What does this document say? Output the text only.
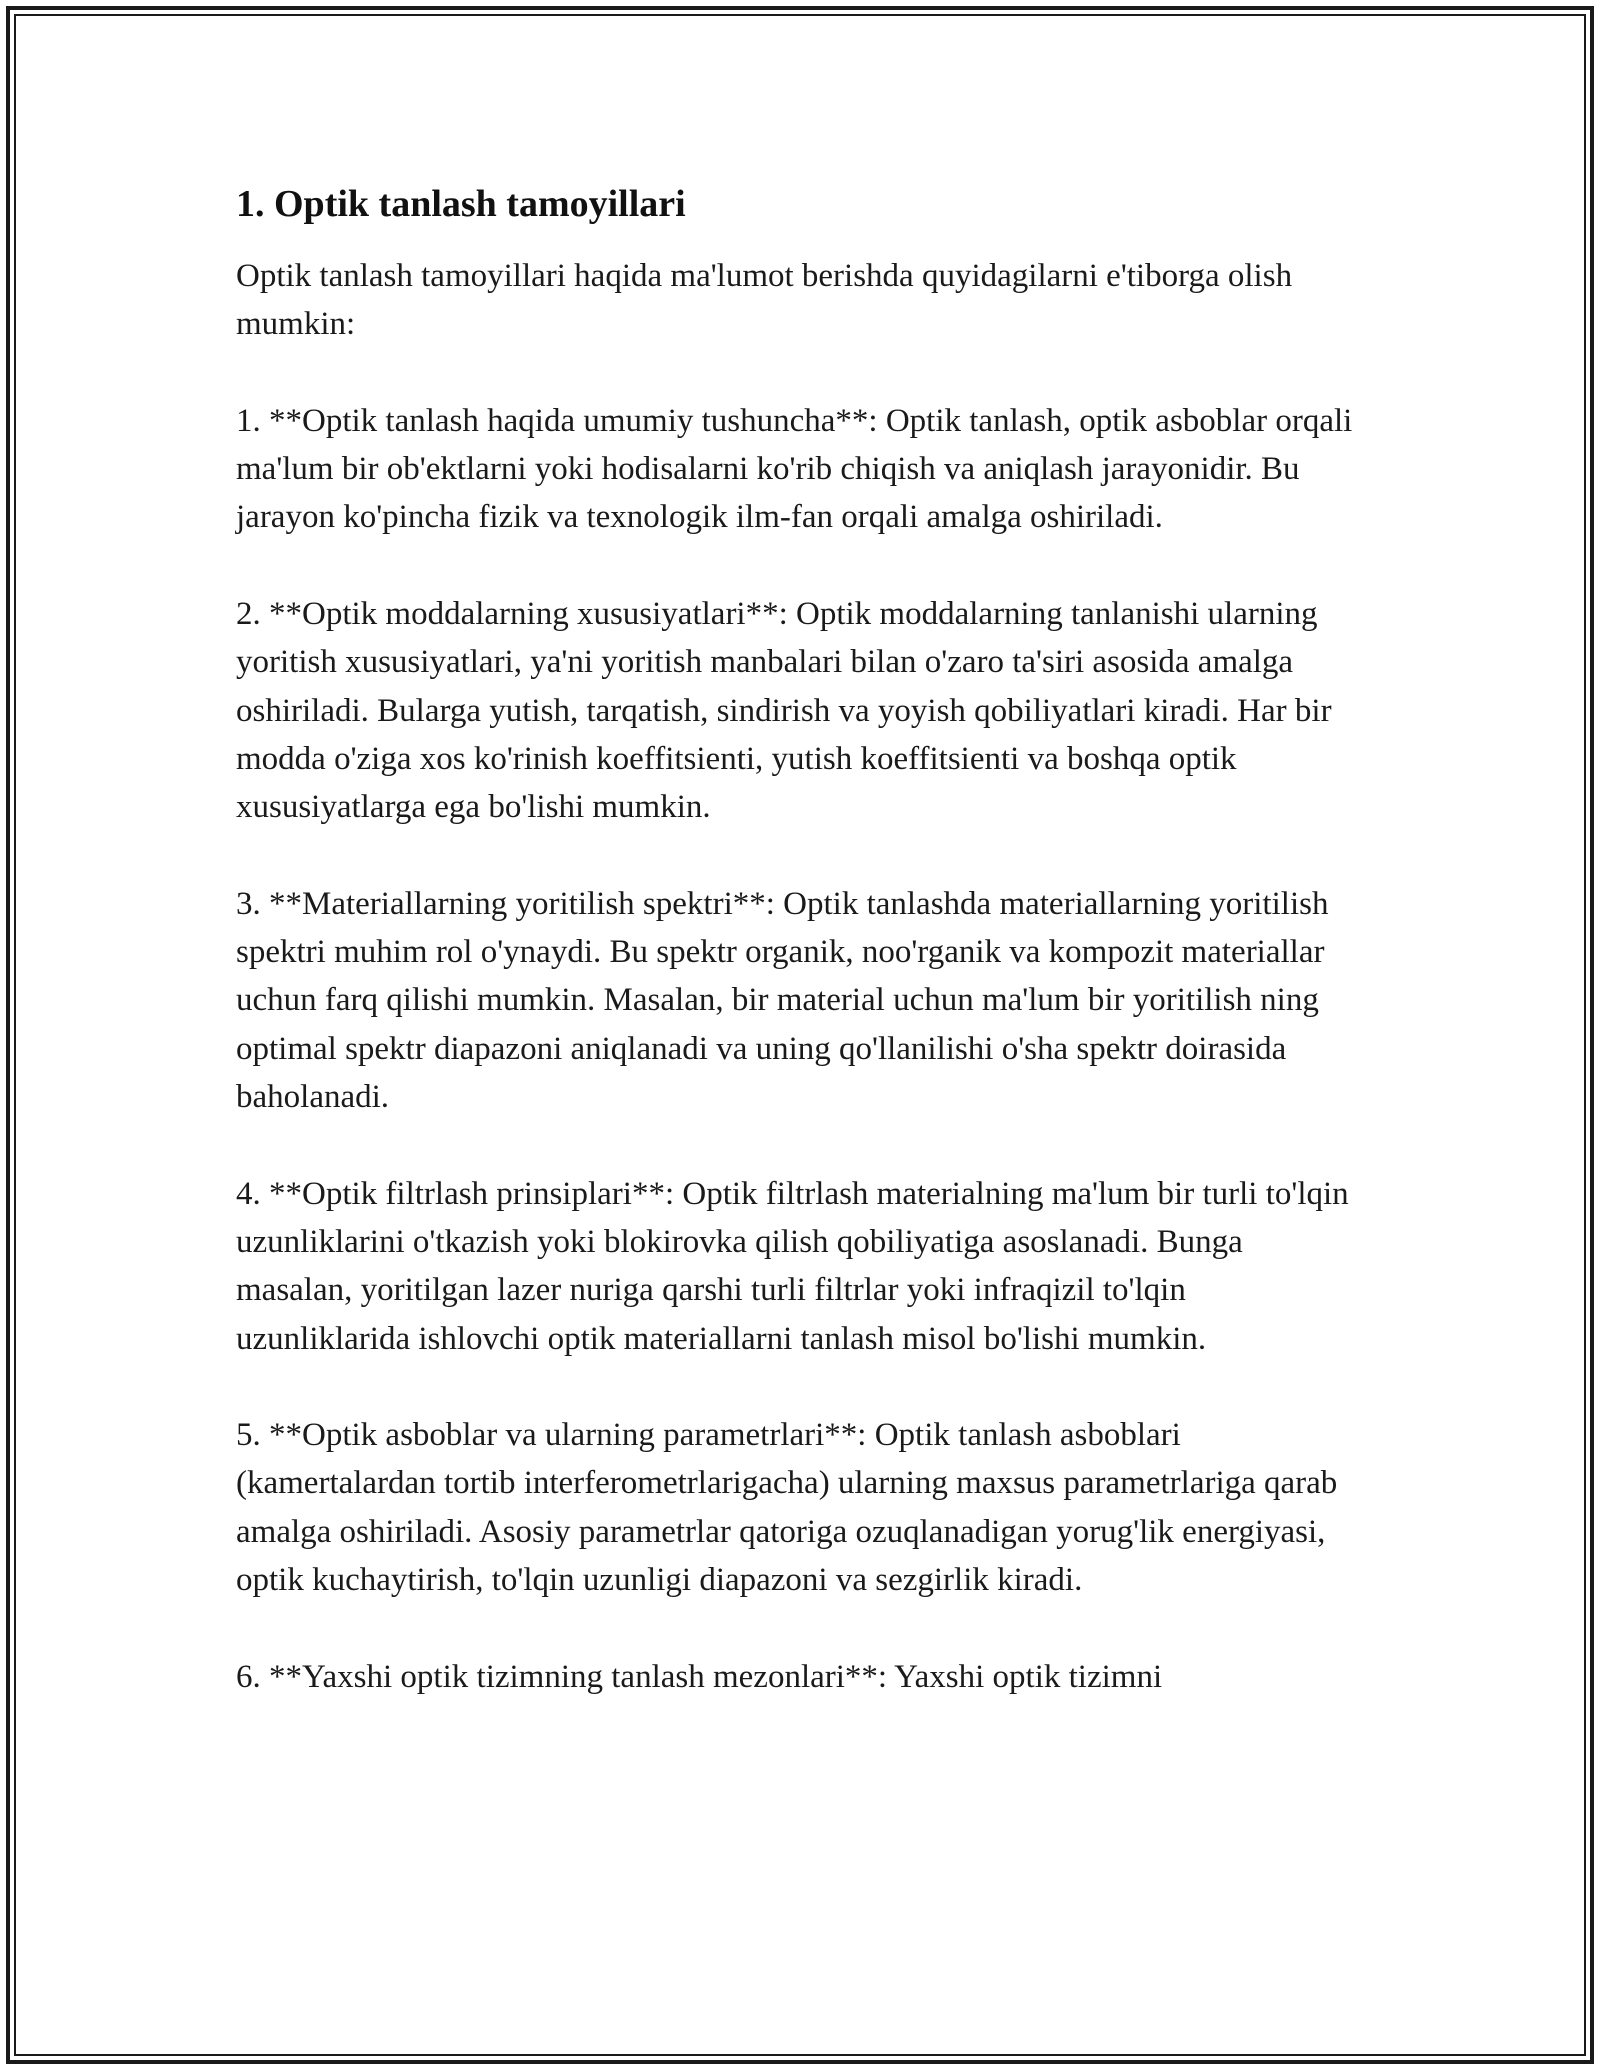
1. Optik tanlash tamoyillari

Optik tanlash tamoyillari haqida ma'lumot berishda quyidagilarni e'tiborga olish mumkin:

1. **Optik tanlash haqida umumiy tushuncha**: Optik tanlash, optik asboblar orqali ma'lum bir ob'ektlarni yoki hodisalarni ko'rib chiqish va aniqlash jarayonidir. Bu jarayon ko'pincha fizik va texnologik ilm-fan orqali amalga oshiriladi.

2. **Optik moddalarning xususiyatlari**: Optik moddalarning tanlanishi ularning yoritish xususiyatlari, ya'ni yoritish manbalari bilan o'zaro ta'siri asosida amalga oshiriladi. Bularga yutish, tarqatish, sindirish va yoyish qobiliyatlari kiradi. Har bir modda o'ziga xos ko'rinish koeffitsienti, yutish koeffitsienti va boshqa optik xususiyatlarga ega bo'lishi mumkin.

3. **Materiallarning yoritilish spektri**: Optik tanlashda materiallarning yoritilish spektri muhim rol o'ynaydi. Bu spektr organik, noo'rganik va kompozit materiallar uchun farq qilishi mumkin. Masalan, bir material uchun ma'lum bir yoritilish ning optimal spektr diapazoni aniqlanadi va uning qo'llanilishi o'sha spektr doirasida baholanadi.

4. **Optik filtrlash prinsiplari**: Optik filtrlash materialning ma'lum bir turli to'lqin uzunliklarini o'tkazish yoki blokirovka qilish qobiliyatiga asoslanadi. Bunga masalan, yoritilgan lazer nuriga qarshi turli filtrlar yoki infraqizil to'lqin uzunliklarida ishlovchi optik materiallarni tanlash misol bo'lishi mumkin.

5. **Optik asboblar va ularning parametrlari**: Optik tanlash asboblari (kamertalardan tortib interferometrlarigacha) ularning maxsus parametrlariga qarab amalga oshiriladi. Asosiy parametrlar qatoriga ozuqlanadigan yorug'lik energiyasi, optik kuchaytirish, to'lqin uzunligi diapazoni va sezgirlik kiradi.

6. **Yaxshi optik tizimning tanlash mezonlari**: Yaxshi optik tizimni
